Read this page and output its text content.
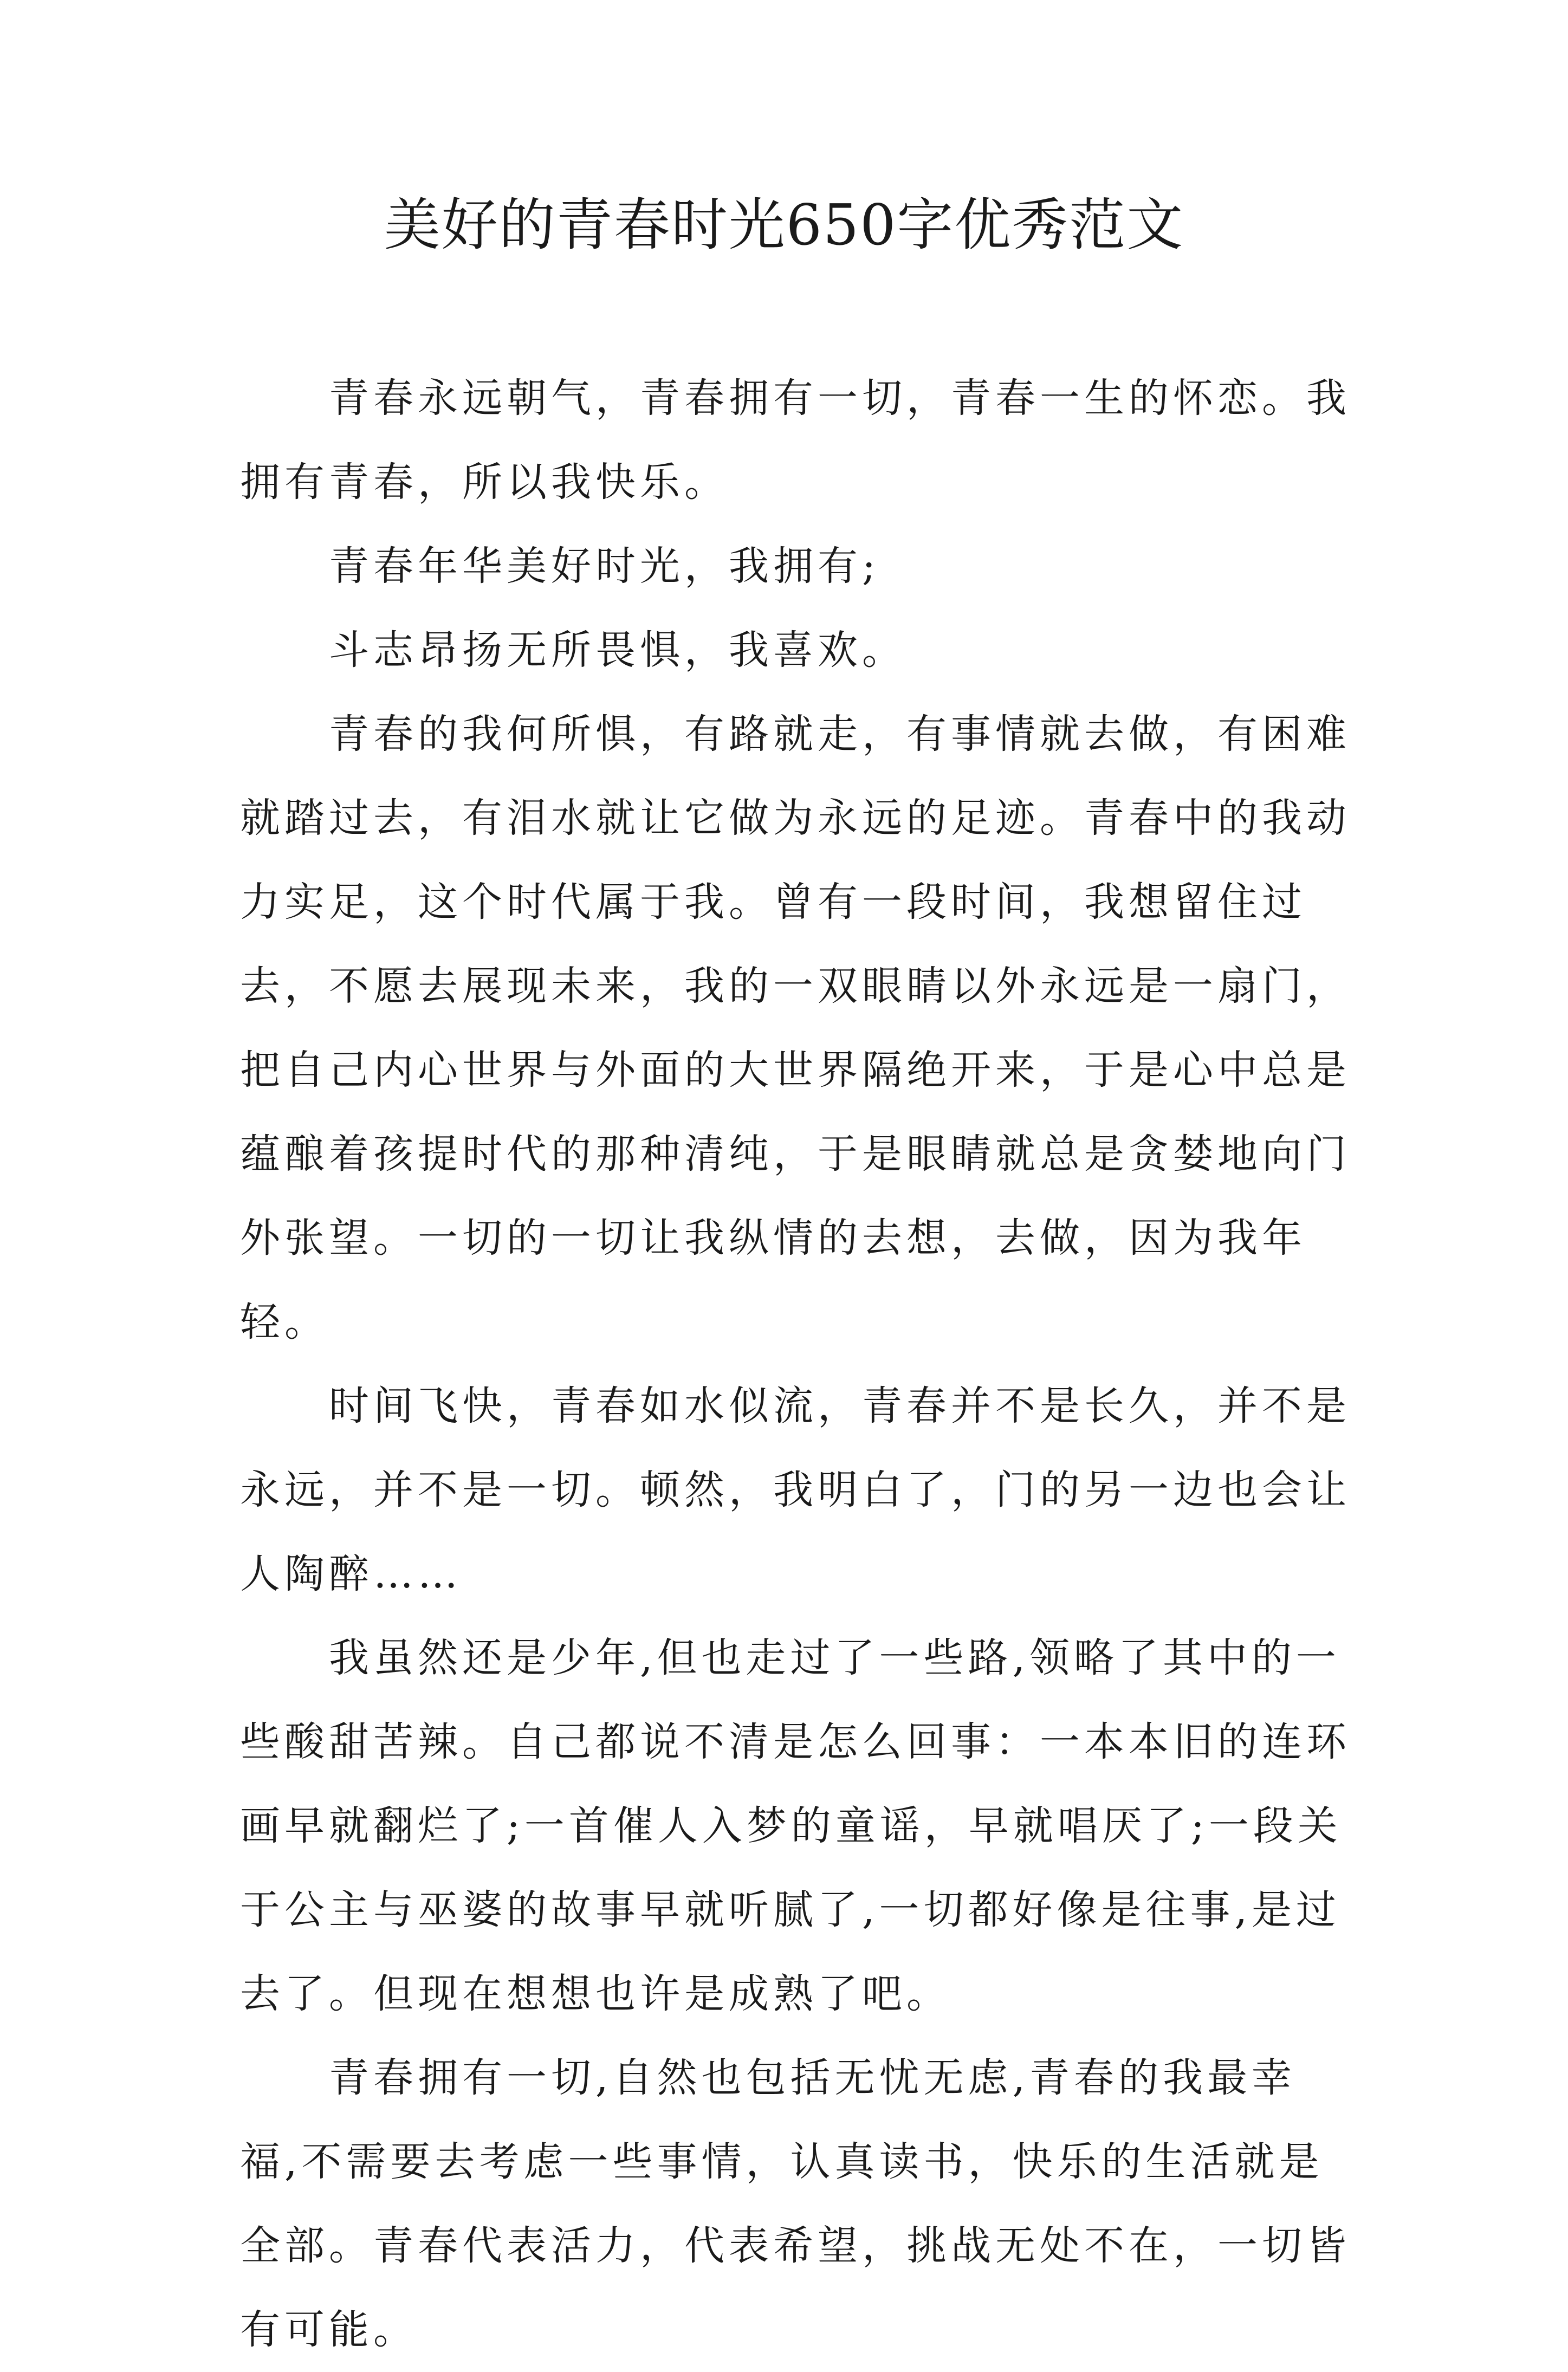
美好的青春时光650字优秀范文

青春永远朝气，青春拥有一切，青春一生的怀恋。我拥有青春，所以我快乐。

青春年华美好时光，我拥有;

斗志昂扬无所畏惧，我喜欢。

青春的我何所惧，有路就走，有事情就去做，有困难就踏过去，有泪水就让它做为永远的足迹。青春中的我动力实足，这个时代属于我。曾有一段时间，我想留住过去，不愿去展现未来，我的一双眼睛以外永远是一扇门，把自己内心世界与外面的大世界隔绝开来，于是心中总是蕴酿着孩提时代的那种清纯，于是眼睛就总是贪婪地向门外张望。一切的一切让我纵情的去想，去做，因为我年轻。

时间飞快，青春如水似流，青春并不是长久，并不是永远，并不是一切。顿然，我明白了，门的另一边也会让人陶醉……

我虽然还是少年,但也走过了一些路,领略了其中的一些酸甜苦辣。自己都说不清是怎么回事：一本本旧的连环画早就翻烂了;一首催人入梦的童谣，早就唱厌了;一段关于公主与巫婆的故事早就听腻了,一切都好像是往事,是过去了。但现在想想也许是成熟了吧。

青春拥有一切,自然也包括无忧无虑,青春的我最幸福,不需要去考虑一些事情，认真读书，快乐的生活就是全部。青春代表活力，代表希望，挑战无处不在，一切皆有可能。
